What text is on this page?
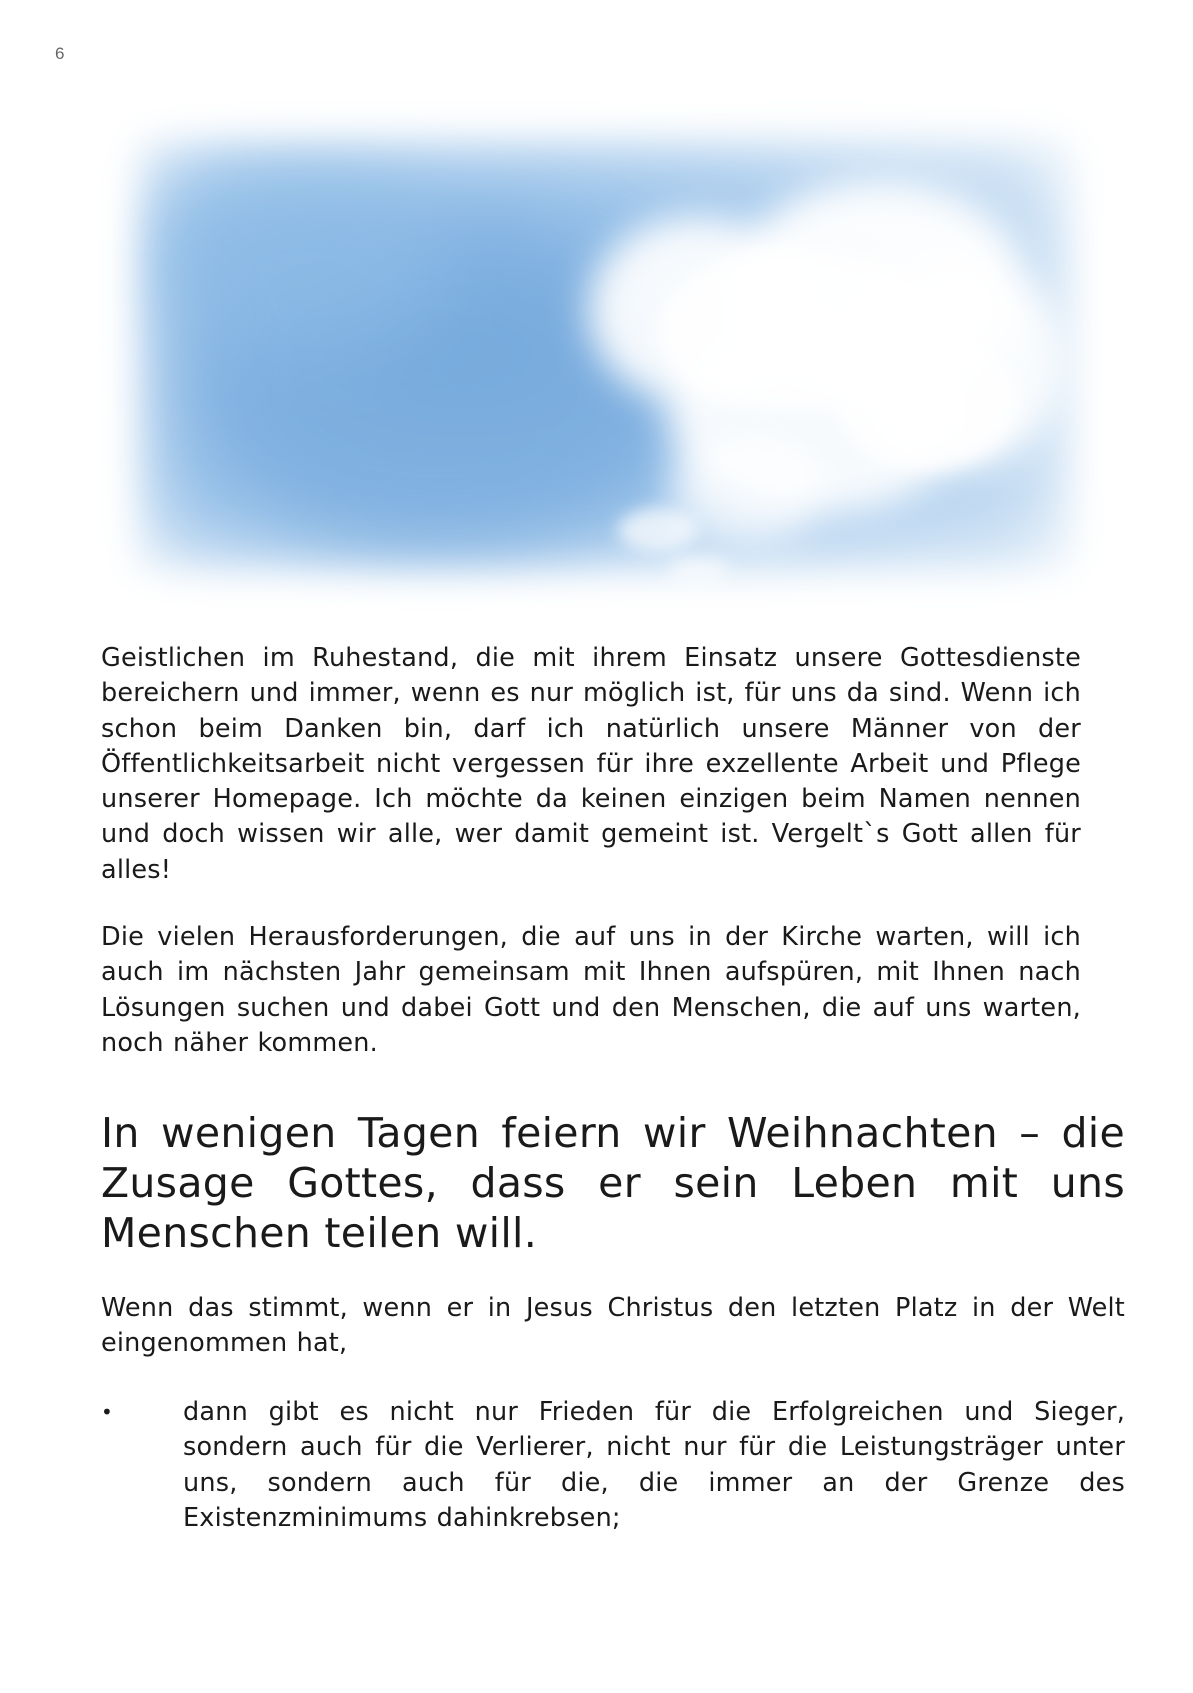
6
Geistlichen im Ruhestand, die mit ihrem Einsatz unsere Gottesdienste bereichern und immer, wenn es nur möglich ist, für uns da sind. Wenn ich schon beim Danken bin, darf ich natürlich unsere Männer von der Öffentlichkeitsarbeit nicht vergessen für ihre exzellente Arbeit und Pflege unserer Homepage. Ich möchte da keinen einzigen beim Namen nennen und doch wissen wir alle, wer damit gemeint ist. Vergelt`s Gott allen für alles!
Die vielen Herausforderungen, die auf uns in der Kirche warten, will ich auch im nächsten Jahr gemeinsam mit Ihnen aufspüren, mit Ihnen nach Lösungen suchen und dabei Gott und den Menschen, die auf uns warten, noch näher kommen.
In wenigen Tagen feiern wir Weihnachten – die Zusage Gottes, dass er sein Leben mit uns Menschen teilen will.
Wenn das stimmt, wenn er in Jesus Christus den letzten Platz in der Welt eingenommen hat,
•	dann gibt es nicht nur Frieden für die Erfolgreichen und Sieger, sondern auch für die Verlierer, nicht nur für die Leistungsträger unter uns, sondern auch für die, die immer an der Grenze des Existenzminimums dahinkrebsen;
